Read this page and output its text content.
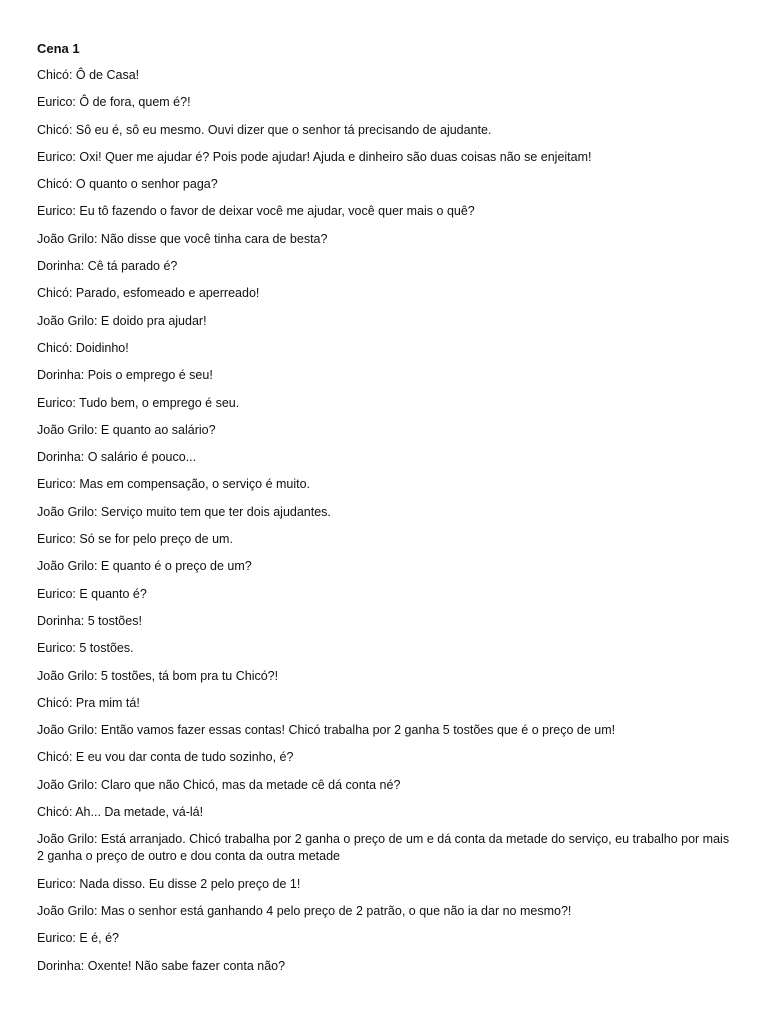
Cena 1
Chicó: Ô de Casa!
Eurico: Ô de fora, quem é?!
Chicó: Sô eu é, sô eu mesmo. Ouvi dizer que o senhor tá precisando de ajudante.
Eurico: Oxi! Quer me ajudar é? Pois pode ajudar! Ajuda e dinheiro são duas coisas não se enjeitam!
Chicó: O quanto o senhor paga?
Eurico: Eu tô fazendo o favor de deixar você me ajudar, você quer mais o quê?
João Grilo: Não disse que você tinha cara de besta?
Dorinha: Cê tá parado é?
Chicó: Parado, esfomeado e aperreado!
João Grilo: E doido pra ajudar!
Chicó: Doidinho!
Dorinha: Pois o emprego é seu!
Eurico: Tudo bem, o emprego é seu.
João Grilo: E quanto ao salário?
Dorinha: O salário é pouco...
Eurico: Mas em compensação, o serviço é muito.
João Grilo: Serviço muito tem que ter dois ajudantes.
Eurico: Só se for pelo preço de um.
João Grilo: E quanto é o preço de um?
Eurico: E quanto é?
Dorinha: 5 tostões!
Eurico: 5 tostões.
João Grilo: 5 tostões, tá bom pra tu Chicó?!
Chicó: Pra mim tá!
João Grilo: Então vamos fazer essas contas! Chicó trabalha por 2 ganha 5 tostões que é o preço de um!
Chicó: E eu vou dar conta de tudo sozinho, é?
João Grilo: Claro que não Chicó, mas da metade cê dá conta né?
Chicó: Ah... Da metade, vá-lá!
João Grilo: Está arranjado. Chicó trabalha por 2 ganha o preço de um e dá conta da metade do serviço, eu trabalho por mais 2 ganha o preço de outro e dou conta da outra metade
Eurico: Nada disso. Eu disse 2 pelo preço de 1!
João Grilo: Mas o senhor está ganhando 4 pelo preço de 2 patrão, o que não ia dar no mesmo?!
Eurico: E é, é?
Dorinha: Oxente! Não sabe fazer conta não?
